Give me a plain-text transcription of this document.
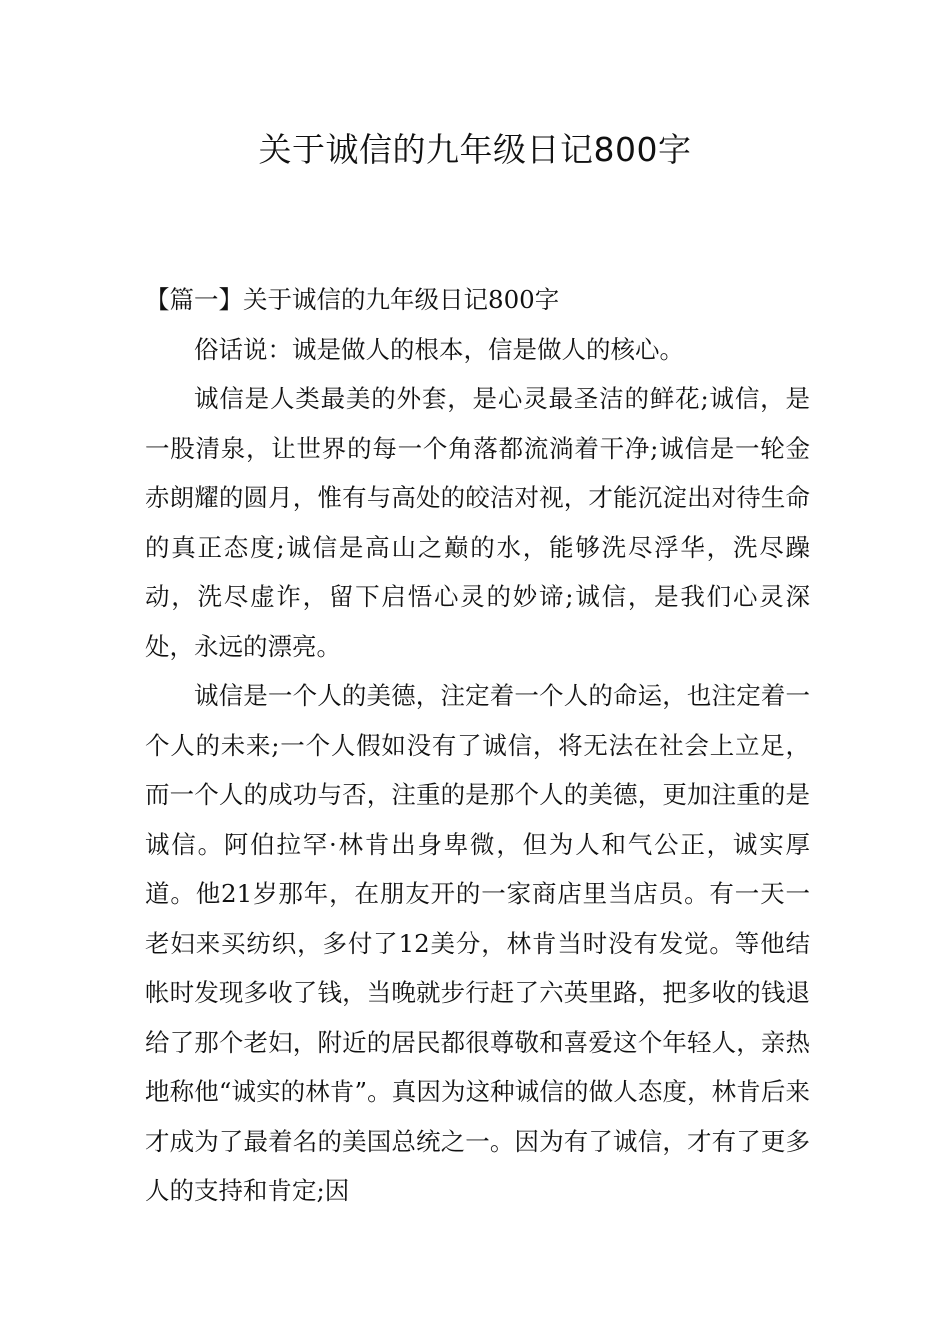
关于诚信的九年级日记800字
【篇一】关于诚信的九年级日记800字

俗话说：诚是做人的根本，信是做人的核心。

诚信是人类最美的外套，是心灵最圣洁的鲜花;诚信，是一股清泉，让世界的每一个角落都流淌着干净;诚信是一轮金赤朗耀的圆月，惟有与高处的皎洁对视，才能沉淀出对待生命的真正态度;诚信是高山之巅的水，能够洗尽浮华，洗尽躁动，洗尽虚诈，留下启悟心灵的妙谛;诚信，是我们心灵深处，永远的漂亮。

诚信是一个人的美德，注定着一个人的命运，也注定着一个人的未来;一个人假如没有了诚信，将无法在社会上立足，而一个人的成功与否，注重的是那个人的美德，更加注重的是诚信。阿伯拉罕·林肯出身卑微，但为人和气公正，诚实厚道。他21岁那年，在朋友开的一家商店里当店员。有一天一老妇来买纺织，多付了12美分，林肯当时没有发觉。等他结帐时发现多收了钱，当晚就步行赶了六英里路，把多收的钱退给了那个老妇，附近的居民都很尊敬和喜爱这个年轻人，亲热地称他“诚实的林肯”。真因为这种诚信的做人态度，林肯后来才成为了最着名的美国总统之一。因为有了诚信，才有了更多人的支持和肯定;因
